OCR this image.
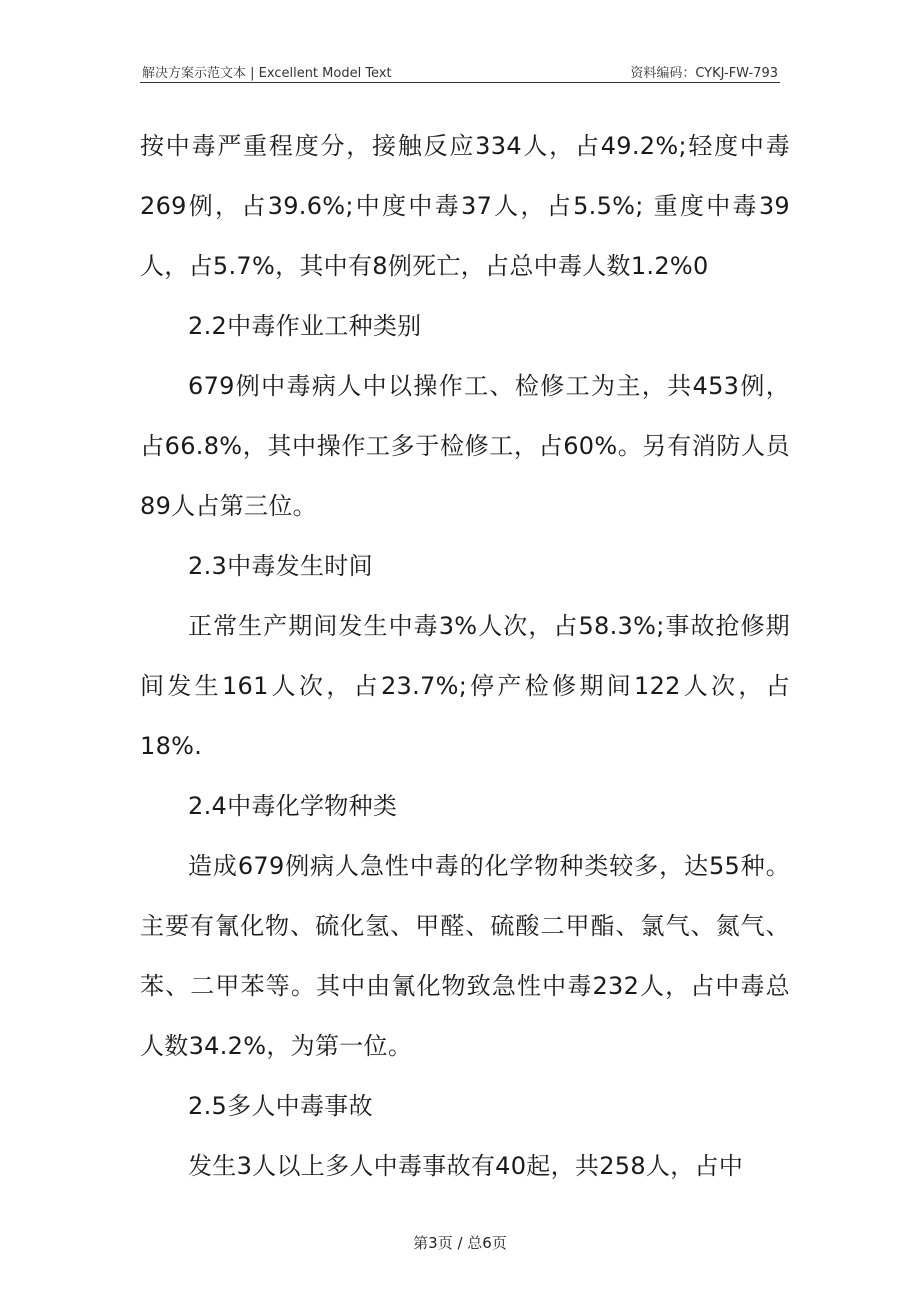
解决方案示范文本 | Excellent Model Text	资料编码：CYKJ-FW-793

按中毒严重程度分，接触反应334人，占49.2%;轻度中毒269例，占39.6%;中度中毒37人，占5.5%; 重度中毒39人，占5.7%，其中有8例死亡，占总中毒人数1.2%0

2.2中毒作业工种类别

679例中毒病人中以操作工、检修工为主，共453例，占66.8%，其中操作工多于检修工，占60%。另有消防人员89人占第三位。

2.3中毒发生时间

正常生产期间发生中毒3%人次，占58.3%;事故抢修期间发生161人次，占23.7%;停产检修期间122人次，占18%.

2.4中毒化学物种类

造成679例病人急性中毒的化学物种类较多，达55种。主要有氰化物、硫化氢、甲醛、硫酸二甲酯、氯气、氮气、苯、二甲苯等。其中由氰化物致急性中毒232人，占中毒总人数34.2%，为第一位。

2.5多人中毒事故

发生3人以上多人中毒事故有40起，共258人，占中

第3页 / 总6页
